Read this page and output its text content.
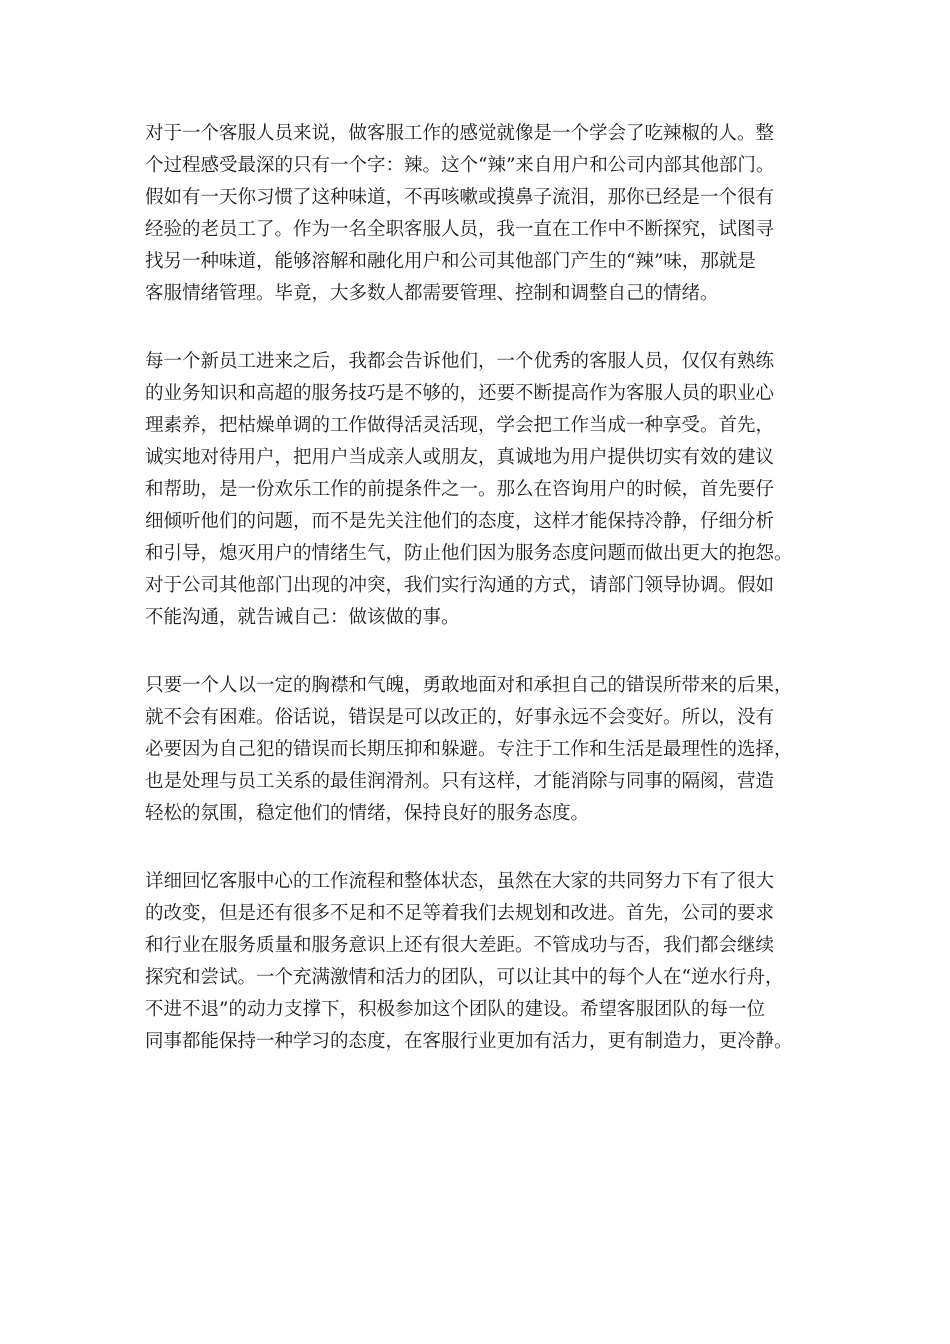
对于一个客服人员来说，做客服工作的感觉就像是一个学会了吃辣椒的人。整
个过程感受最深的只有一个字：辣。这个“辣”来自用户和公司内部其他部门。
假如有一天你习惯了这种味道，不再咳嗽或摸鼻子流泪，那你已经是一个很有
经验的老员工了。作为一名全职客服人员，我一直在工作中不断探究，试图寻
找另一种味道，能够溶解和融化用户和公司其他部门产生的“辣”味，那就是
客服情绪管理。毕竟，大多数人都需要管理、控制和调整自己的情绪。

每一个新员工进来之后，我都会告诉他们，一个优秀的客服人员，仅仅有熟练
的业务知识和高超的服务技巧是不够的，还要不断提高作为客服人员的职业心
理素养，把枯燥单调的工作做得活灵活现，学会把工作当成一种享受。首先，
诚实地对待用户，把用户当成亲人或朋友，真诚地为用户提供切实有效的建议
和帮助，是一份欢乐工作的前提条件之一。那么在咨询用户的时候，首先要仔
细倾听他们的问题，而不是先关注他们的态度，这样才能保持冷静，仔细分析
和引导，熄灭用户的情绪生气，防止他们因为服务态度问题而做出更大的抱怨。
对于公司其他部门出现的冲突，我们实行沟通的方式，请部门领导协调。假如
不能沟通，就告诫自己：做该做的事。

只要一个人以一定的胸襟和气魄，勇敢地面对和承担自己的错误所带来的后果，
就不会有困难。俗话说，错误是可以改正的，好事永远不会变好。所以，没有
必要因为自己犯的错误而长期压抑和躲避。专注于工作和生活是最理性的选择，
也是处理与员工关系的最佳润滑剂。只有这样，才能消除与同事的隔阂，营造
轻松的氛围，稳定他们的情绪，保持良好的服务态度。

详细回忆客服中心的工作流程和整体状态，虽然在大家的共同努力下有了很大
的改变，但是还有很多不足和不足等着我们去规划和改进。首先，公司的要求
和行业在服务质量和服务意识上还有很大差距。不管成功与否，我们都会继续
探究和尝试。一个充满激情和活力的团队，可以让其中的每个人在“逆水行舟，
不进不退”的动力支撑下，积极参加这个团队的建设。希望客服团队的每一位
同事都能保持一种学习的态度，在客服行业更加有活力，更有制造力，更冷静。
